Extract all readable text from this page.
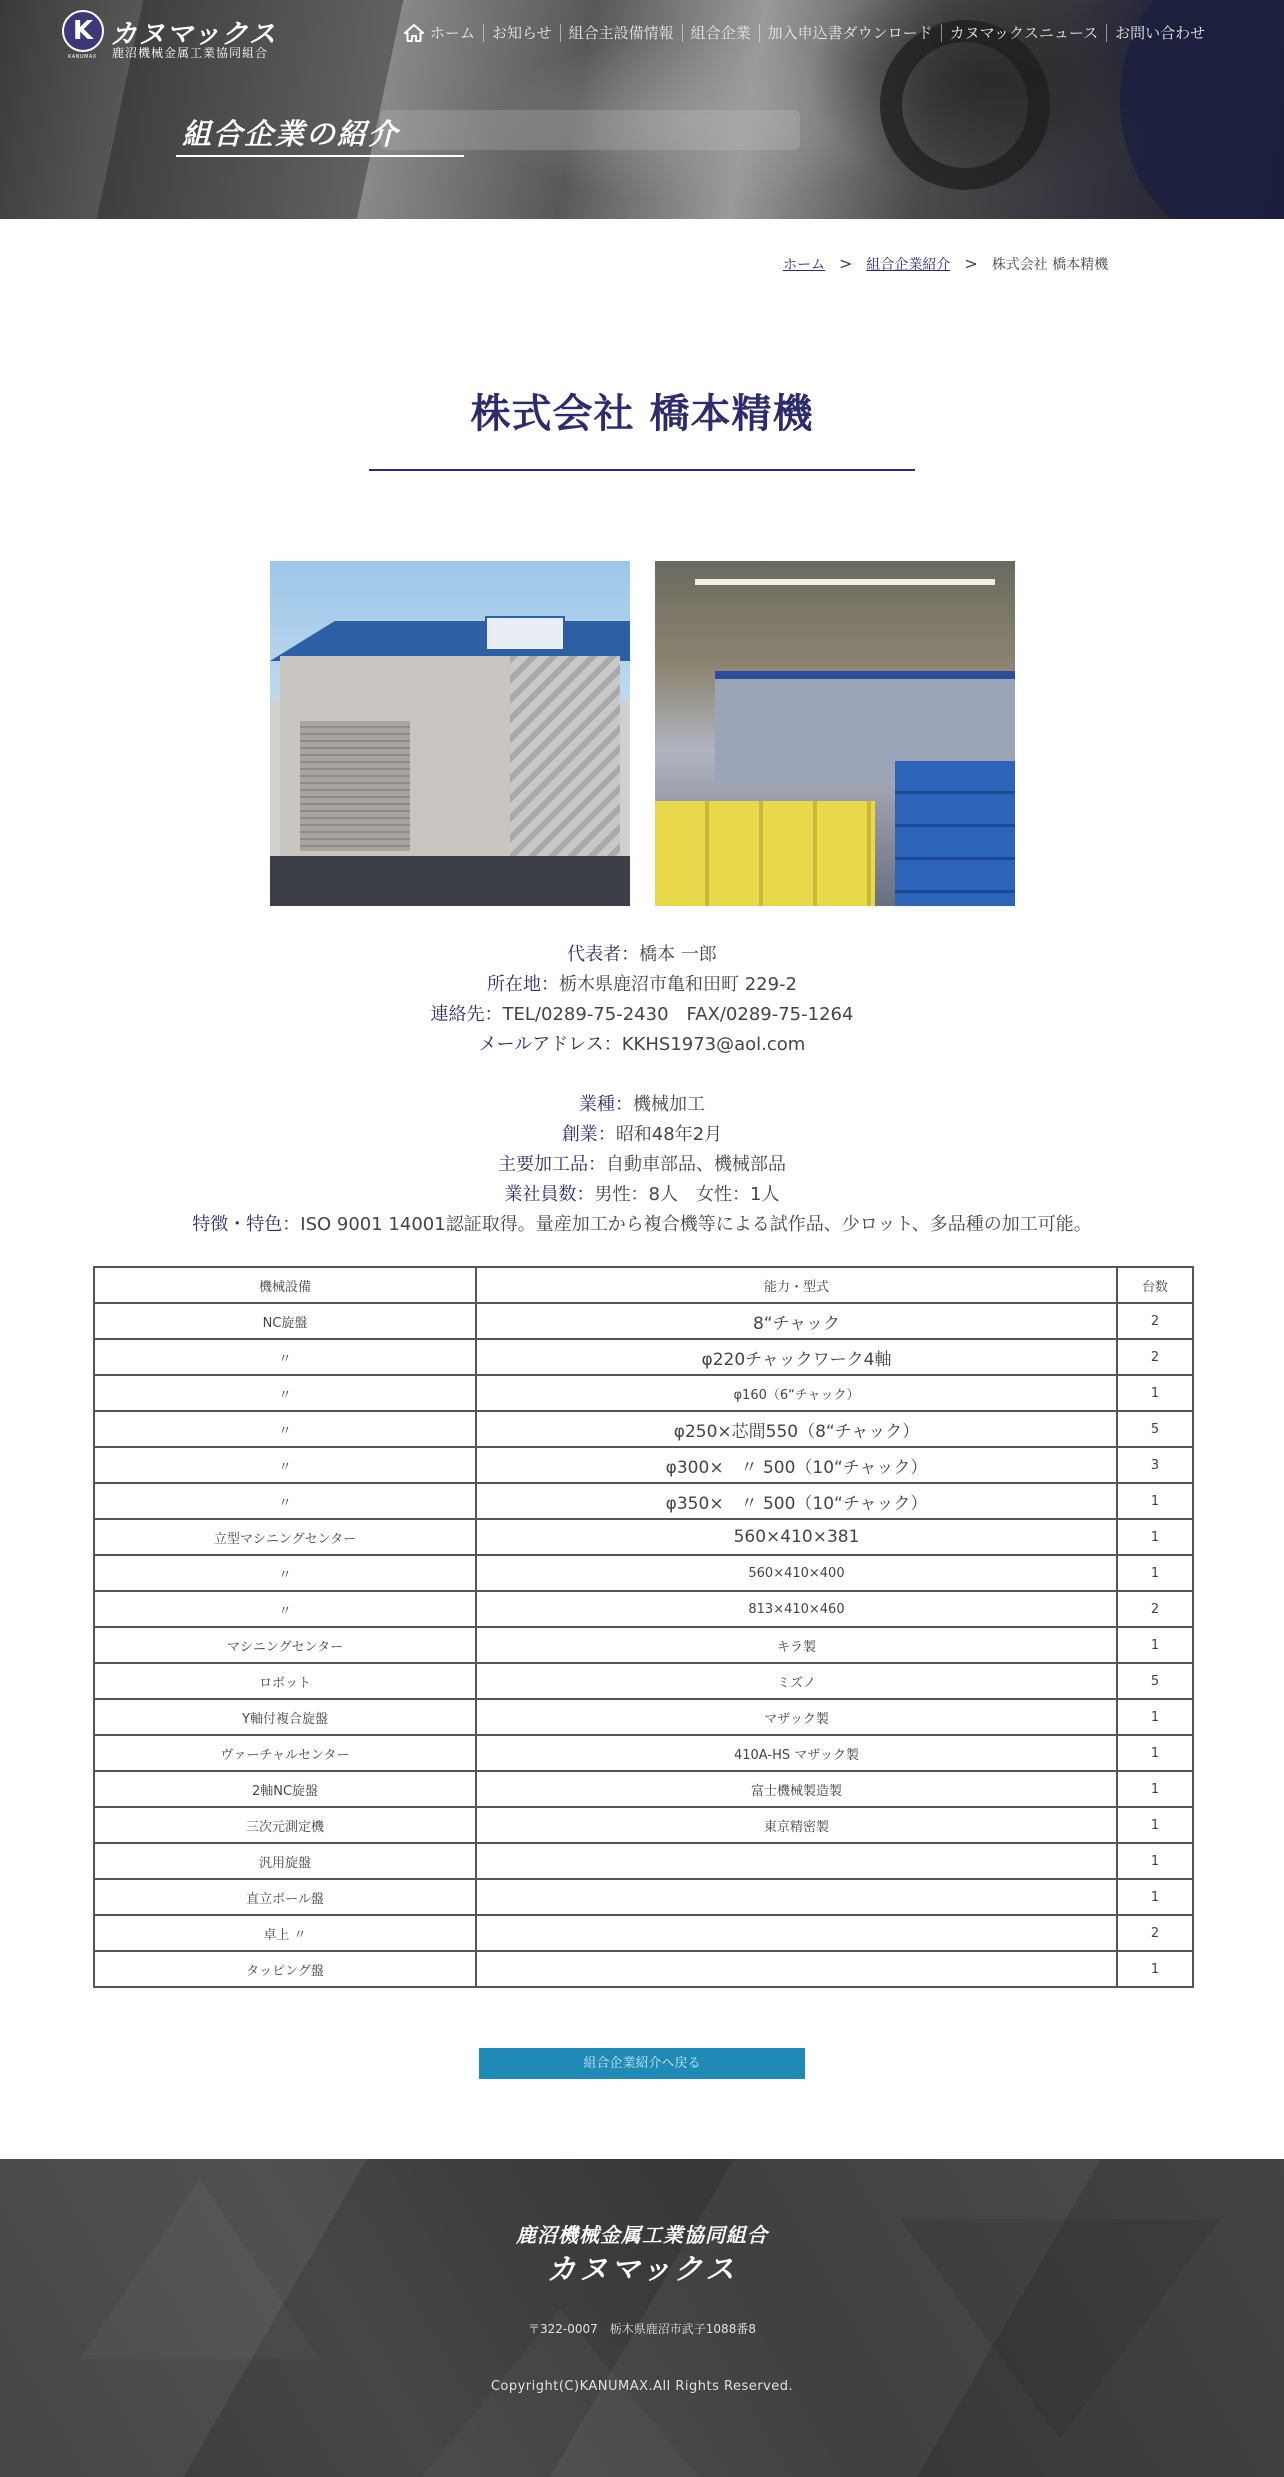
K
KANUMAX
カヌマックス
鹿沼機械金属工業協同組合
ホーム	お知らせ	組合主設備情報	組合企業	加入申込書ダウンロード	カヌマックスニュース	お問い合わせ
組合企業の紹介
ホーム > 組合企業紹介 > 株式会社 橋本精機
株式会社 橋本精機
代表者：橋本 一郎
所在地：栃木県鹿沼市亀和田町 229-2
連絡先：TEL/0289-75-2430　FAX/0289-75-1264
メールアドレス：KKHS1973@aol.com
業種：機械加工
創業：昭和48年2月
主要加工品：自動車部品、機械部品
業社員数：男性：8人　女性：1人
特徴・特色：ISO 9001 14001認証取得。量産加工から複合機等による試作品、少ロット、多品種の加工可能。
機械設備	能力・型式	台数
NC旋盤	8“チャック	2
〃	φ220チャックワーク4軸	2
〃	φ160（6“チャック）	1
〃	φ250×芯間550（8“チャック）	5
〃	φ300×　〃 500（10“チャック）	3
〃	φ350×　〃 500（10“チャック）	1
立型マシニングセンター	560×410×381	1
〃	560×410×400	1
〃	813×410×460	2
マシニングセンター	キラ製	1
ロボット	ミズノ	5
Y軸付複合旋盤	マザック製	1
ヴァーチャルセンター	410A-HS マザック製	1
2軸NC旋盤	富士機械製造製	1
三次元測定機	東京精密製	1
汎用旋盤		1
直立ボール盤		1
卓上 〃		2
タッピング盤		1
組合企業紹介へ戻る
鹿沼機械金属工業協同組合
カヌマックス
〒322-0007　栃木県鹿沼市武子1088番8
Copyright(C)KANUMAX.All Rights Reserved.
